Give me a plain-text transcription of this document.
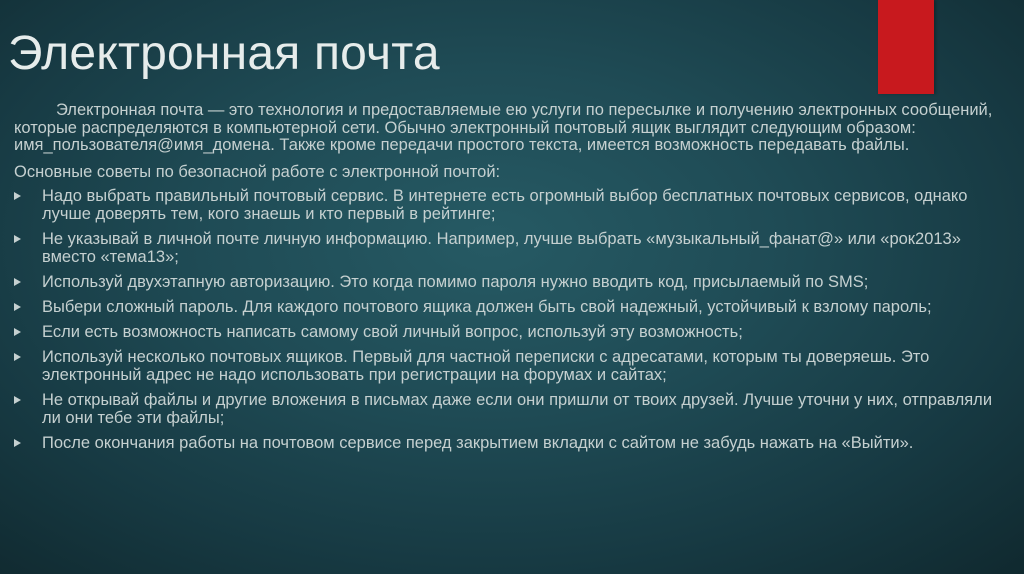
Электронная почта

Электронная почта — это технология и предоставляемые ею услуги по пересылке и получению электронных сообщений, которые распределяются в компьютерной сети. Обычно электронный почтовый ящик выглядит следующим образом: имя_пользователя@имя_домена. Также кроме передачи простого текста, имеется возможность передавать файлы.

Основные советы по безопасной работе с электронной почтой:

Надо выбрать правильный почтовый сервис. В интернете есть огромный выбор бесплатных почтовых сервисов, однако лучше доверять тем, кого знаешь и кто первый в рейтинге;
Не указывай в личной почте личную информацию. Например, лучше выбрать «музыкальный_фанат@» или «рок2013» вместо «тема13»;
Используй двухэтапную авторизацию. Это когда помимо пароля нужно вводить код, присылаемый по SMS;
Выбери сложный пароль. Для каждого почтового ящика должен быть свой надежный, устойчивый к взлому пароль;
Если есть возможность написать самому свой личный вопрос, используй эту возможность;
Используй несколько почтовых ящиков. Первый для частной переписки с адресатами, которым ты доверяешь. Это электронный адрес не надо использовать при регистрации на форумах и сайтах;
Не открывай файлы и другие вложения в письмах даже если они пришли от твоих друзей. Лучше уточни у них, отправляли ли они тебе эти файлы;
После окончания работы на почтовом сервисе перед закрытием вкладки с сайтом не забудь нажать на «Выйти».
